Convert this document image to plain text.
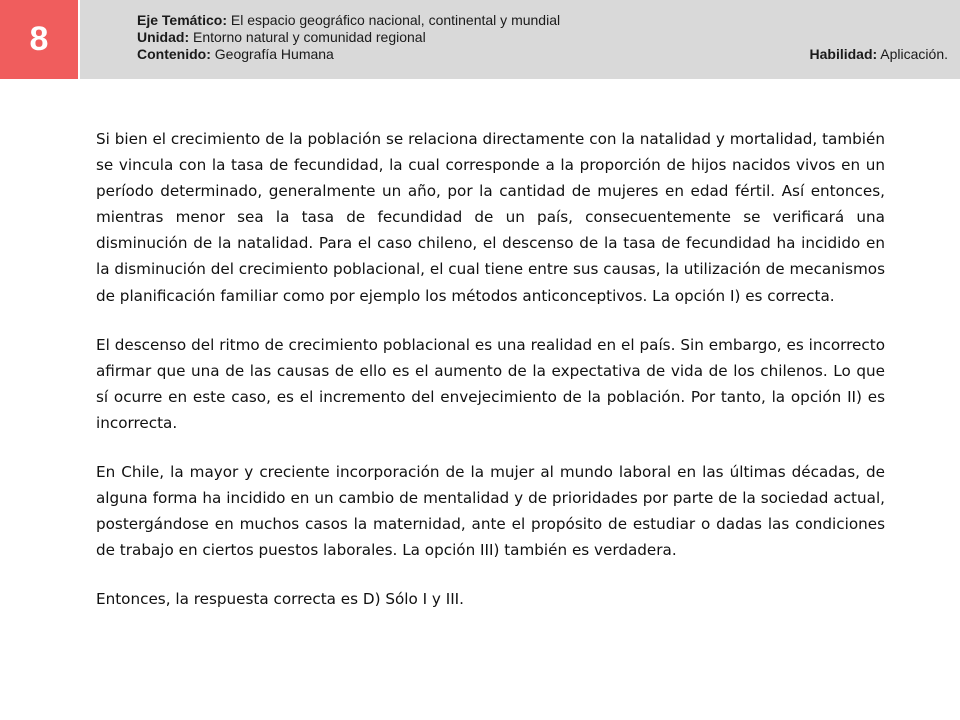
8	Eje Temático: El espacio geográfico nacional, continental y mundial
Unidad: Entorno natural y comunidad regional
Contenido: Geografía Humana	Habilidad: Aplicación.

Si bien el crecimiento de la población se relaciona directamente con la natalidad y mortalidad, también se vincula con la tasa de fecundidad, la cual corresponde a la proporción de hijos nacidos vivos en un período determinado, generalmente un año, por la cantidad de mujeres en edad fértil. Así entonces, mientras menor sea la tasa de fecundidad de un país, consecuentemente se verificará una disminución de la natalidad. Para el caso chileno, el descenso de la tasa de fecundidad ha incidido en la disminución del crecimiento poblacional, el cual tiene entre sus causas, la utilización de mecanismos de planificación familiar como por ejemplo los métodos anticonceptivos. La opción I) es correcta.

El descenso del ritmo de crecimiento poblacional es una realidad en el país. Sin embargo, es incorrecto afirmar que una de las causas de ello es el aumento de la expectativa de vida de los chilenos. Lo que sí ocurre en este caso, es el incremento del envejecimiento de la población. Por tanto, la opción II) es incorrecta.

En Chile, la mayor y creciente incorporación de la mujer al mundo laboral en las últimas décadas, de alguna forma ha incidido en un cambio de mentalidad y de prioridades por parte de la sociedad actual, postergándose en muchos casos la maternidad, ante el propósito de estudiar o dadas las condiciones de trabajo en ciertos puestos laborales. La opción III) también es verdadera.

Entonces, la respuesta correcta es D) Sólo I y III.
